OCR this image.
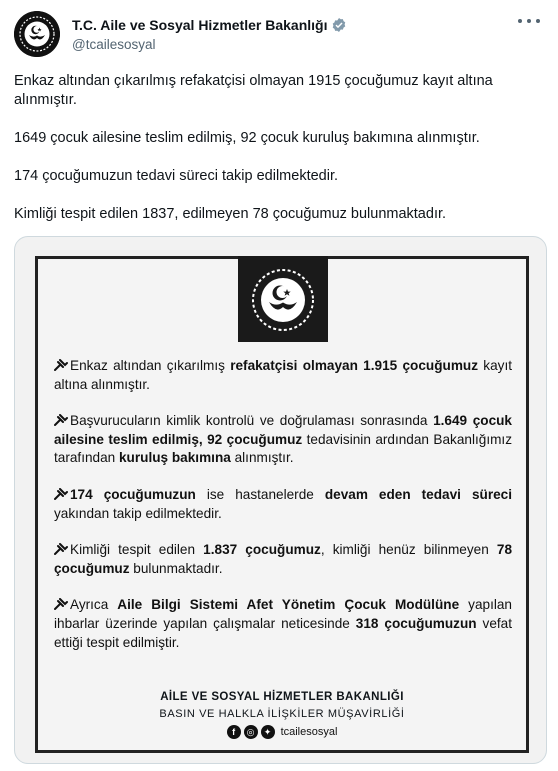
T.C. Aile ve Sosyal Hizmetler Bakanlığı
@tcailesosyal

Enkaz altından çıkarılmış refakatçisi olmayan 1915 çocuğumuz kayıt altına alınmıştır.

1649 çocuk ailesine teslim edilmiş, 92 çocuk kuruluş bakımına alınmıştır.

174 çocuğumuzun tedavi süreci takip edilmektedir.

Kimliği tespit edilen 1837, edilmeyen 78 çocuğumuz bulunmaktadır.

Enkaz altından çıkarılmış refakatçisi olmayan 1.915 çocuğumuz kayıt altına alınmıştır.
Başvurucuların kimlik kontrolü ve doğrulaması sonrasında 1.649 çocuk ailesine teslim edilmiş, 92 çocuğumuz tedavisinin ardından Bakanlığımız tarafından kuruluş bakımına alınmıştır.
174 çocuğumuzun ise hastanelerde devam eden tedavi süreci yakından takip edilmektedir.
Kimliği tespit edilen 1.837 çocuğumuz, kimliği henüz bilinmeyen 78 çocuğumuz bulunmaktadır.
Ayrıca Aile Bilgi Sistemi Afet Yönetim Çocuk Modülüne yapılan ihbarlar üzerinde yapılan çalışmalar neticesinde 318 çocuğumuzun vefat ettiği tespit edilmiştir.
AİLE VE SOSYAL HİZMETLER BAKANLIĞI
BASIN VE HALKLA İLİŞKİLER MÜŞAVİRLİĞİ
f	◎	✦ tcailesosyal
